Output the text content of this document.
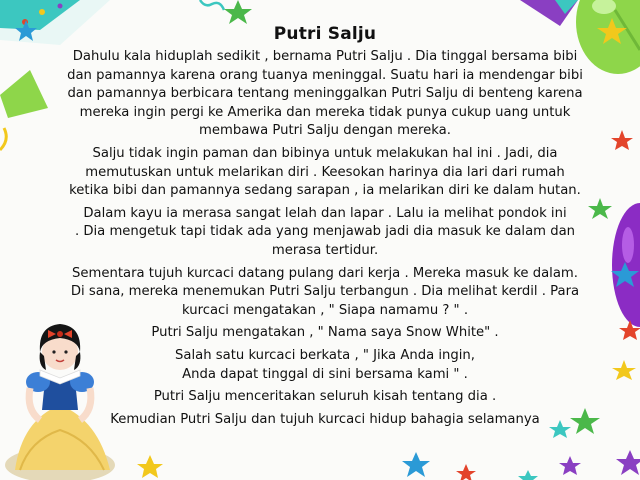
Putri Salju
Dahulu kala hiduplah sedikit , bernama Putri Salju . Dia tinggal bersama bibi
dan pamannya karena orang tuanya meninggal. Suatu hari ia mendengar bibi
dan pamannya berbicara tentang meninggalkan Putri Salju di benteng karena
mereka ingin pergi ke Amerika dan mereka tidak punya cukup uang untuk
membawa Putri Salju dengan mereka.
Salju tidak ingin paman dan bibinya untuk melakukan hal ini . Jadi, dia
memutuskan untuk melarikan diri . Keesokan harinya dia lari dari rumah
ketika bibi dan pamannya sedang sarapan , ia melarikan diri ke dalam hutan.
Dalam kayu ia merasa sangat lelah dan lapar . Lalu ia melihat pondok ini
. Dia mengetuk tapi tidak ada yang menjawab jadi dia masuk ke dalam dan
merasa tertidur.
Sementara tujuh kurcaci datang pulang dari kerja . Mereka masuk ke dalam.
Di sana, mereka menemukan Putri Salju terbangun . Dia melihat kerdil . Para
kurcaci mengatakan , " Siapa namamu ? " .
Putri Salju mengatakan , " Nama saya Snow White" .
Salah satu kurcaci berkata , " Jika Anda ingin,
Anda dapat tinggal di sini bersama kami " .
Putri Salju menceritakan seluruh kisah tentang dia .
Kemudian Putri Salju dan tujuh kurcaci hidup bahagia selamanya
